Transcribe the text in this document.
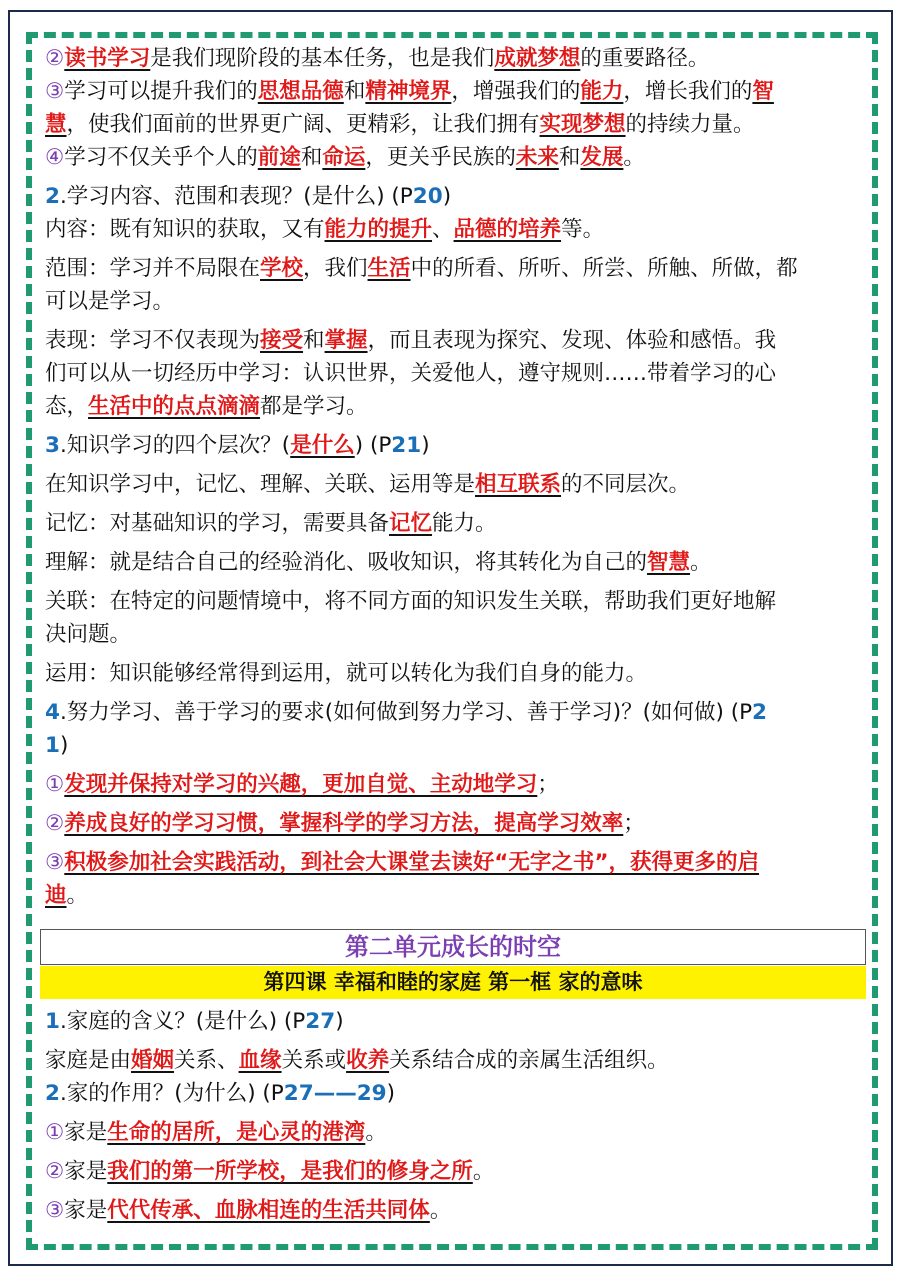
②读书学习是我们现阶段的基本任务，也是我们成就梦想的重要路径。
③学习可以提升我们的思想品德和精神境界，增强我们的能力，增长我们的智
慧，使我们面前的世界更广阔、更精彩，让我们拥有实现梦想的持续力量。
④学习不仅关乎个人的前途和命运，更关乎民族的未来和发展。
2.学习内容、范围和表现？(是什么) (P20)
内容：既有知识的获取，又有能力的提升、品德的培养等。
范围：学习并不局限在学校，我们生活中的所看、所听、所尝、所触、所做，都
可以是学习。
表现：学习不仅表现为接受和掌握，而且表现为探究、发现、体验和感悟。我
们可以从一切经历中学习：认识世界，关爱他人，遵守规则……带着学习的心
态，生活中的点点滴滴都是学习。
3.知识学习的四个层次？(是什么) (P21)
在知识学习中，记忆、理解、关联、运用等是相互联系的不同层次。
记忆：对基础知识的学习，需要具备记忆能力。
理解：就是结合自己的经验消化、吸收知识，将其转化为自己的智慧。
关联：在特定的问题情境中，将不同方面的知识发生关联，帮助我们更好地解
决问题。
运用：知识能够经常得到运用，就可以转化为我们自身的能力。
4.努力学习、善于学习的要求(如何做到努力学习、善于学习)？(如何做) (P2
1)
①发现并保持对学习的兴趣，更加自觉、主动地学习；
②养成良好的学习习惯，掌握科学的学习方法，提高学习效率；
③积极参加社会实践活动，到社会大课堂去读好“无字之书”，获得更多的启
迪。
第二单元成长的时空
第四课 幸福和睦的家庭 第一框 家的意味
1.家庭的含义？(是什么) (P27)
家庭是由婚姻关系、血缘关系或收养关系结合成的亲属生活组织。
2.家的作用？(为什么) (P27——29)
①家是生命的居所，是心灵的港湾。
②家是我们的第一所学校，是我们的修身之所。
③家是代代传承、血脉相连的生活共同体。
